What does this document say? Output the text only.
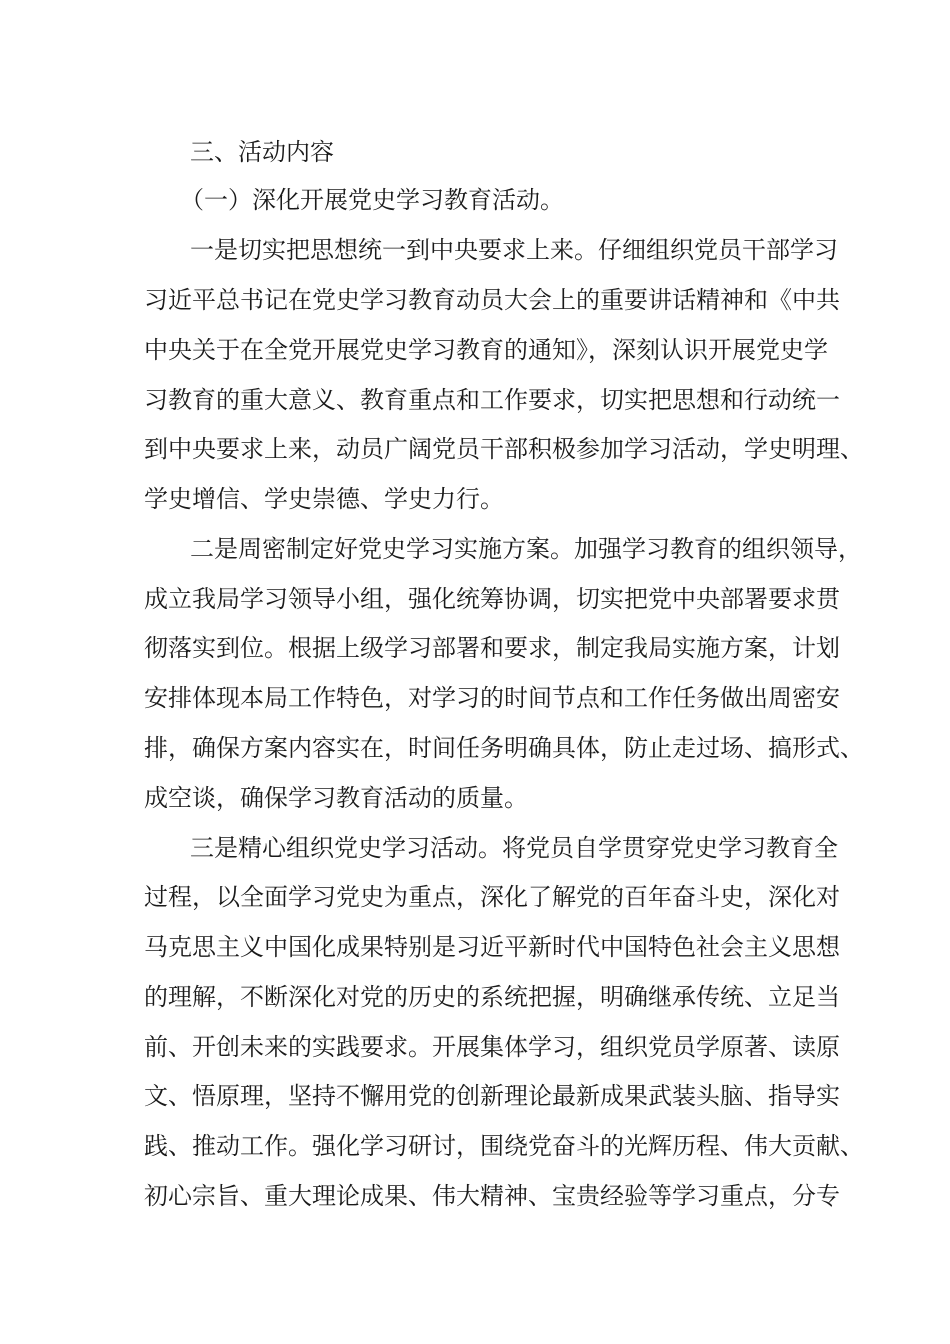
三、活动内容
（一）深化开展党史学习教育活动。
一是切实把思想统一到中央要求上来。仔细组织党员干部学习
习近平总书记在党史学习教育动员大会上的重要讲话精神和《中共
中央关于在全党开展党史学习教育的通知》，深刻认识开展党史学
习教育的重大意义、教育重点和工作要求，切实把思想和行动统一
到中央要求上来，动员广阔党员干部积极参加学习活动，学史明理、
学史增信、学史崇德、学史力行。
二是周密制定好党史学习实施方案。加强学习教育的组织领导，
成立我局学习领导小组，强化统筹协调，切实把党中央部署要求贯
彻落实到位。根据上级学习部署和要求，制定我局实施方案，计划
安排体现本局工作特色，对学习的时间节点和工作任务做出周密安
排，确保方案内容实在，时间任务明确具体，防止走过场、搞形式、
成空谈，确保学习教育活动的质量。
三是精心组织党史学习活动。将党员自学贯穿党史学习教育全
过程，以全面学习党史为重点，深化了解党的百年奋斗史，深化对
马克思主义中国化成果特别是习近平新时代中国特色社会主义思想
的理解，不断深化对党的历史的系统把握，明确继承传统、立足当
前、开创未来的实践要求。开展集体学习，组织党员学原著、读原
文、悟原理，坚持不懈用党的创新理论最新成果武装头脑、指导实
践、推动工作。强化学习研讨，围绕党奋斗的光辉历程、伟大贡献、
初心宗旨、重大理论成果、伟大精神、宝贵经验等学习重点，分专
